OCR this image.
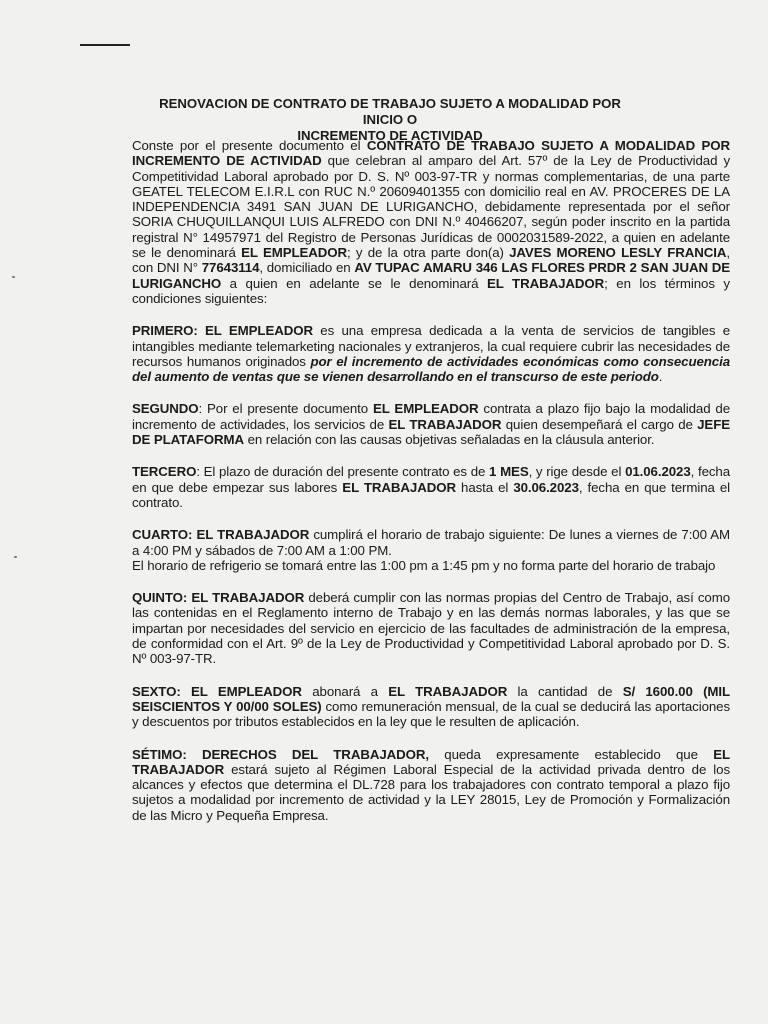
RENOVACION DE CONTRATO DE TRABAJO SUJETO A MODALIDAD POR INICIO O
INCREMENTO DE ACTIVIDAD

Conste por el presente documento el CONTRATO DE TRABAJO SUJETO A MODALIDAD POR INCREMENTO DE ACTIVIDAD que celebran al amparo del Art. 57º de la Ley de Productividad y Competitividad Laboral aprobado por D. S. Nº 003-97-TR y normas complementarias, de una parte GEATEL TELECOM E.I.R.L con RUC N.º 20609401355 con domicilio real en AV. PROCERES DE LA INDEPENDENCIA 3491 SAN JUAN DE LURIGANCHO, debidamente representada por el señor SORIA CHUQUILLANQUI LUIS ALFREDO con DNI N.º 40466207, según poder inscrito en la partida registral N° 14957971 del Registro de Personas Jurídicas de 0002031589-2022, a quien en adelante se le denominará EL EMPLEADOR; y de la otra parte don(a) JAVES MORENO LESLY FRANCIA, con DNI N° 77643114, domiciliado en AV TUPAC AMARU 346 LAS FLORES PRDR 2 SAN JUAN DE LURIGANCHO a quien en adelante se le denominará EL TRABAJADOR; en los términos y condiciones siguientes:

PRIMERO: EL EMPLEADOR es una empresa dedicada a la venta de servicios de tangibles e intangibles mediante telemarketing nacionales y extranjeros, la cual requiere cubrir las necesidades de recursos humanos originados por el incremento de actividades económicas como consecuencia del aumento de ventas que se vienen desarrollando en el transcurso de este periodo.

SEGUNDO: Por el presente documento EL EMPLEADOR contrata a plazo fijo bajo la modalidad de incremento de actividades, los servicios de EL TRABAJADOR quien desempeñará el cargo de JEFE DE PLATAFORMA en relación con las causas objetivas señaladas en la cláusula anterior.

TERCERO: El plazo de duración del presente contrato es de 1 MES, y rige desde el 01.06.2023, fecha en que debe empezar sus labores EL TRABAJADOR hasta el 30.06.2023, fecha en que termina el contrato.

CUARTO: EL TRABAJADOR cumplirá el horario de trabajo siguiente: De lunes a viernes de 7:00 AM a 4:00 PM y sábados de 7:00 AM a 1:00 PM.
El horario de refrigerio se tomará entre las 1:00 pm a 1:45 pm y no forma parte del horario de trabajo

QUINTO: EL TRABAJADOR deberá cumplir con las normas propias del Centro de Trabajo, así como las contenidas en el Reglamento interno de Trabajo y en las demás normas laborales, y las que se impartan por necesidades del servicio en ejercicio de las facultades de administración de la empresa, de conformidad con el Art. 9º de la Ley de Productividad y Competitividad Laboral aprobado por D. S. Nº 003-97-TR.

SEXTO: EL EMPLEADOR abonará a EL TRABAJADOR la cantidad de S/ 1600.00 (MIL SEISCIENTOS Y 00/00 SOLES) como remuneración mensual, de la cual se deducirá las aportaciones y descuentos por tributos establecidos en la ley que le resulten de aplicación.

SÉTIMO: DERECHOS DEL TRABAJADOR, queda expresamente establecido que EL TRABAJADOR estará sujeto al Régimen Laboral Especial de la actividad privada dentro de los alcances y efectos que determina el DL.728 para los trabajadores con contrato temporal a plazo fijo sujetos a modalidad por incremento de actividad y la LEY 28015, Ley de Promoción y Formalización de las Micro y Pequeña Empresa.
